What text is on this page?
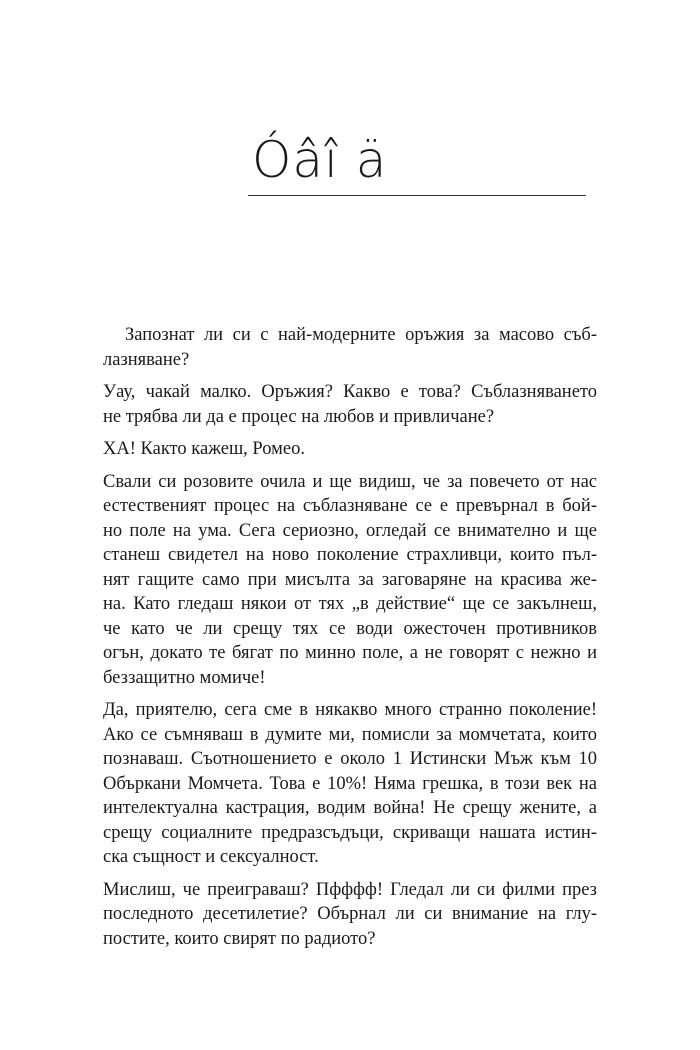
Óâî ä

Запознат ли си с най-модерните оръжия за масово съб-
лазняване?

Уау, чакай малко. Оръжия? Какво е това? Съблазняването
не трябва ли да е процес на любов и привличане?

ХА! Както кажеш, Ромео.

Свали си розовите очила и ще видиш, че за повечето от нас
естественият процес на съблазняване се е превърнал в бой-
но поле на ума. Сега сериозно, огледай се внимателно и ще
станеш свидетел на ново поколение страхливци, които пъл-
нят гащите само при мисълта за заговаряне на красива же-
на. Като гледаш някои от тях „в действие“ ще се закълнеш,
че като че ли срещу тях се води ожесточен противников
огън, докато те бягат по минно поле, а не говорят с нежно и
беззащитно момиче!

Да, приятелю, сега сме в някакво много странно поколение!
Ако се съмняваш в думите ми, помисли за момчетата, които
познаваш. Съотношението е около 1 Истински Мъж към 10
Объркани Момчета. Това е 10%! Няма грешка, в този век на
интелектуална кастрация, водим война! Не срещу жените, а
срещу социалните предразсъдъци, скриващи нашата истин-
ска същност и сексуалност.

Мислиш, че преиграваш? Пфффф! Гледал ли си филми през
последното десетилетие? Обърнал ли си внимание на глу-
постите, които свирят по радиото?
